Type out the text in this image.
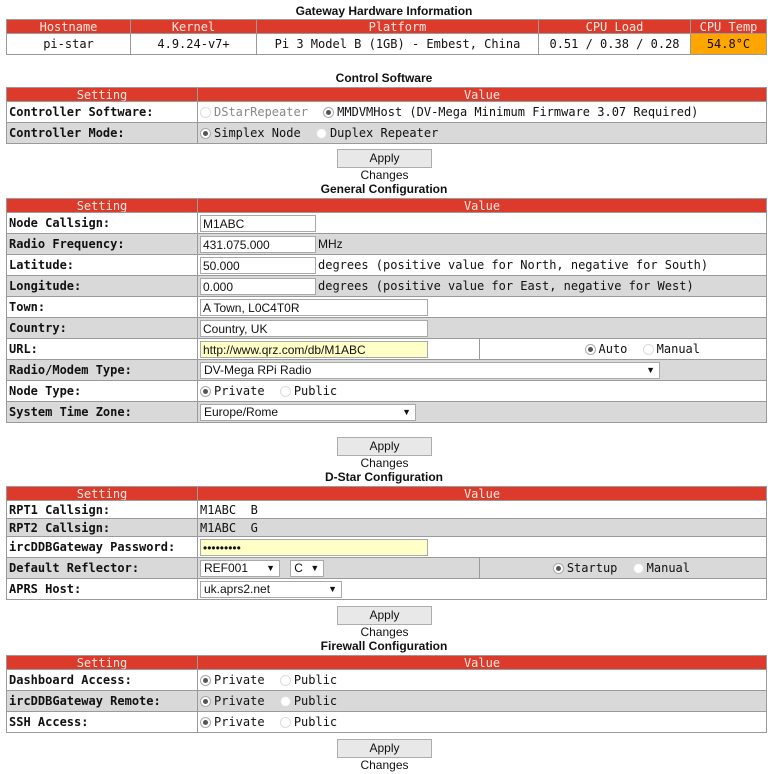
Gateway Hardware Information
Hostname	Kernel	Platform	CPU Load	CPU Temp
pi-star	4.9.24-v7+	Pi 3 Model B (1GB) - Embest, China	0.51 / 0.38 / 0.28	54.8°C
Control Software
Setting	Value
Controller Software:	DStarRepeater MMDVMHost (DV-Mega Minimum Firmware 3.07 Required)
Controller Mode:	Simplex Node Duplex Repeater
Apply Changes
General Configuration
Setting	Value	
Node Callsign:	M1ABC	
Radio Frequency:	431.075.000 MHz	
Latitude:	50.000 degrees (positive value for North, negative for South)	
Longitude:	0.000 degrees (positive value for East, negative for West)	
Town:	A Town, L0C4T0R	
Country:	Country, UK	
URL:	http://www.qrz.com/db/M1ABC	Auto Manual
Radio/Modem Type:	DV-Mega RPi Radio ▼	

Node Type:	Private Public	
System Time Zone:	Europe/Rome ▼	
Apply Changes
D-Star Configuration
Setting	Value	
RPT1 Callsign:	M1ABC  B	
RPT2 Callsign:	M1ABC  G	
ircDDBGateway Password:	•••••••••	
Default Reflector:	REF001 ▼ C ▼	Startup Manual
APRS Host:	uk.aprs2.net ▼	
Apply Changes
Firewall Configuration
Setting	Value
Dashboard Access:	Private Public
ircDDBGateway Remote:	Private Public
SSH Access:	Private Public
Apply Changes
